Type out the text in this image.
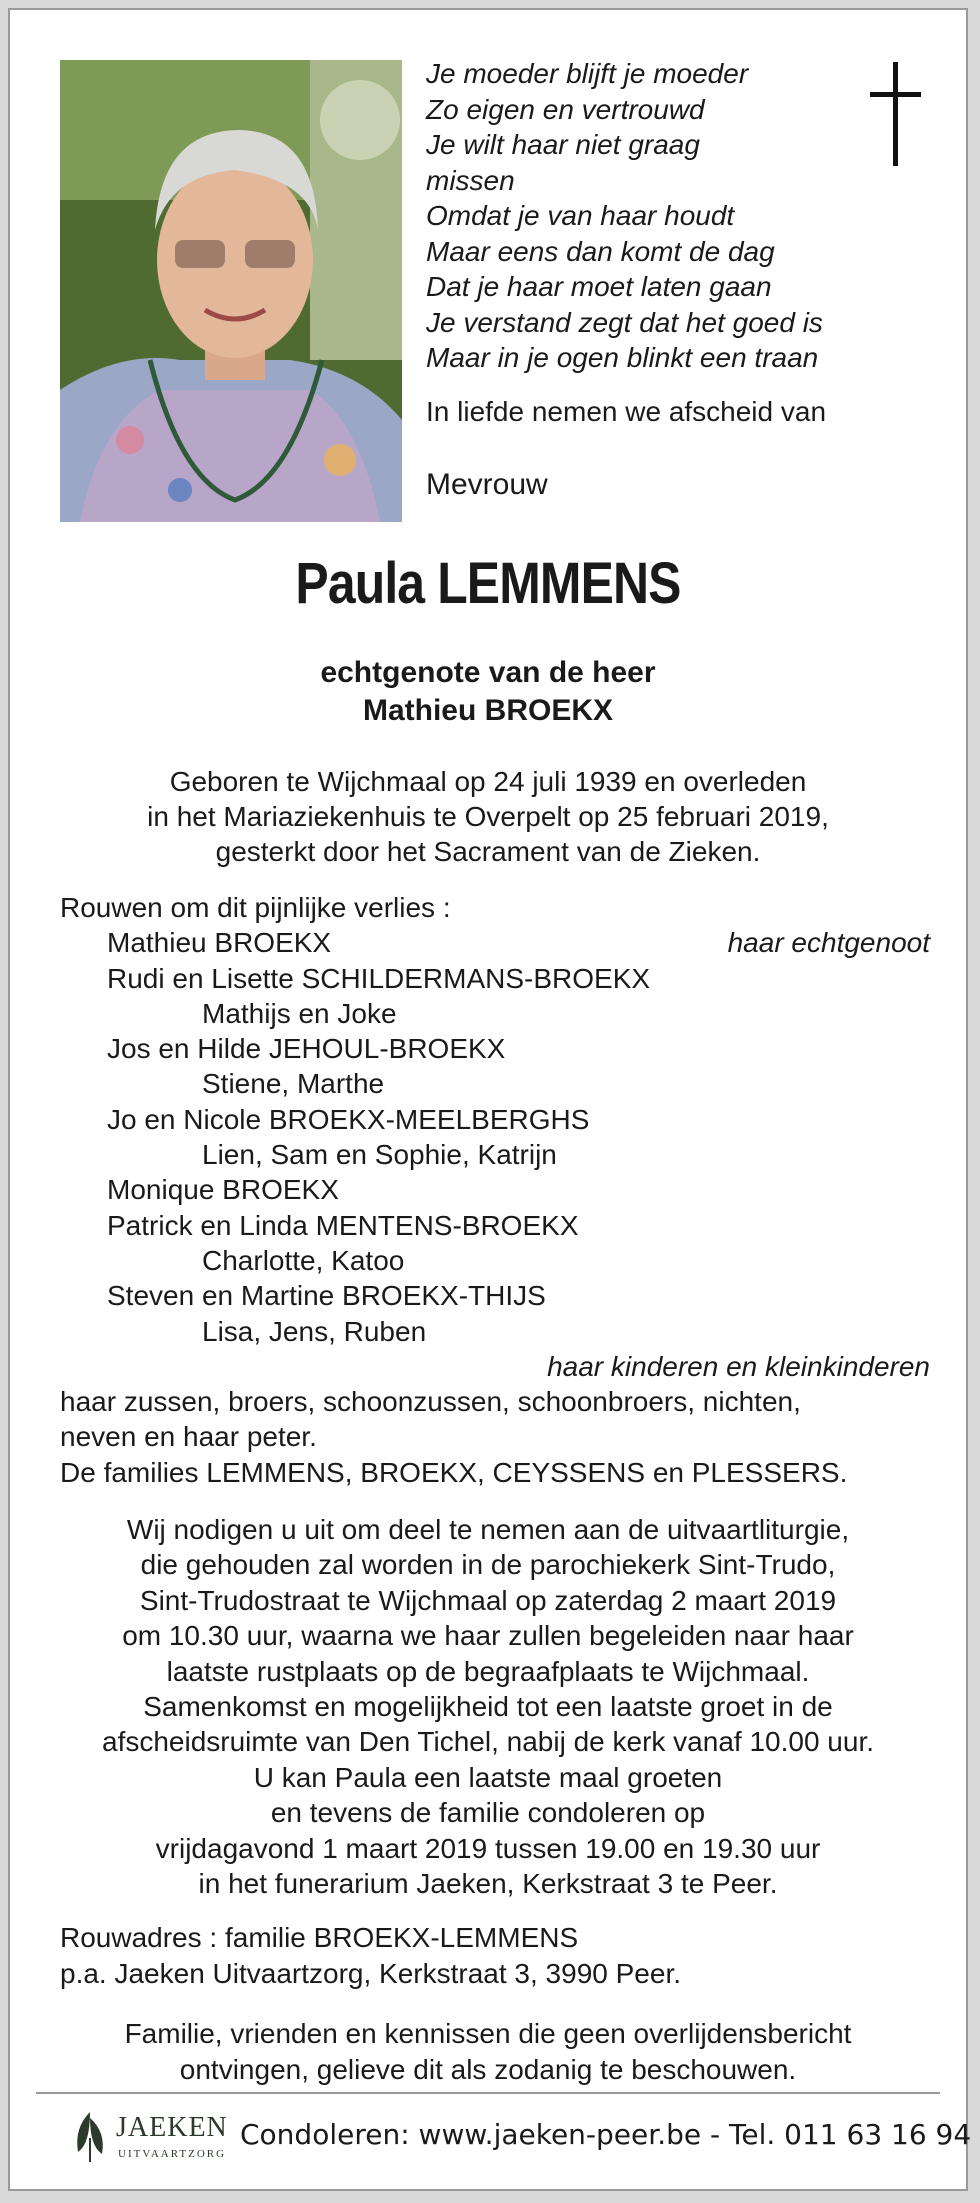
Je moeder blijft je moeder
Zo eigen en vertrouwd
Je wilt haar niet graag
missen
Omdat je van haar houdt
Maar eens dan komt de dag
Dat je haar moet laten gaan
Je verstand zegt dat het goed is
Maar in je ogen blinkt een traan
In liefde nemen we afscheid van
Mevrouw
Paula LEMMENS
echtgenote van de heer
Mathieu BROEKX
Geboren te Wijchmaal op 24 juli 1939 en overleden
in het Mariaziekenhuis te Overpelt op 25 februari 2019,
gesterkt door het Sacrament van de Zieken.
Rouwen om dit pijnlijke verlies :
Mathieu BROEKX	haar echtgenoot
Rudi en Lisette SCHILDERMANS-BROEKX
Mathijs en Joke
Jos en Hilde JEHOUL-BROEKX
Stiene, Marthe
Jo en Nicole BROEKX-MEELBERGHS
Lien, Sam en Sophie, Katrijn
Monique BROEKX
Patrick en Linda MENTENS-BROEKX
Charlotte, Katoo
Steven en Martine BROEKX-THIJS
Lisa, Jens, Ruben
haar kinderen en kleinkinderen
haar zussen, broers, schoonzussen, schoonbroers, nichten,
neven en haar peter.
De families LEMMENS, BROEKX, CEYSSENS en PLESSERS.
Wij nodigen u uit om deel te nemen aan de uitvaartliturgie,
die gehouden zal worden in de parochiekerk Sint-Trudo,
Sint-Trudostraat te Wijchmaal op zaterdag 2 maart 2019
om 10.30 uur, waarna we haar zullen begeleiden naar haar
laatste rustplaats op de begraafplaats te Wijchmaal.
Samenkomst en mogelijkheid tot een laatste groet in de
afscheidsruimte van Den Tichel, nabij de kerk vanaf 10.00 uur.
U kan Paula een laatste maal groeten
en tevens de familie condoleren op
vrijdagavond 1 maart 2019 tussen 19.00 en 19.30 uur
in het funerarium Jaeken, Kerkstraat 3 te Peer.
Rouwadres : familie BROEKX-LEMMENS
p.a. Jaeken Uitvaartzorg, Kerkstraat 3, 3990 Peer.
Familie, vrienden en kennissen die geen overlijdensbericht
ontvingen, gelieve dit als zodanig te beschouwen.
JAEKEN
UITVAARTZORG
Condoleren: www.jaeken-peer.be - Tel. 011 63 16 94
